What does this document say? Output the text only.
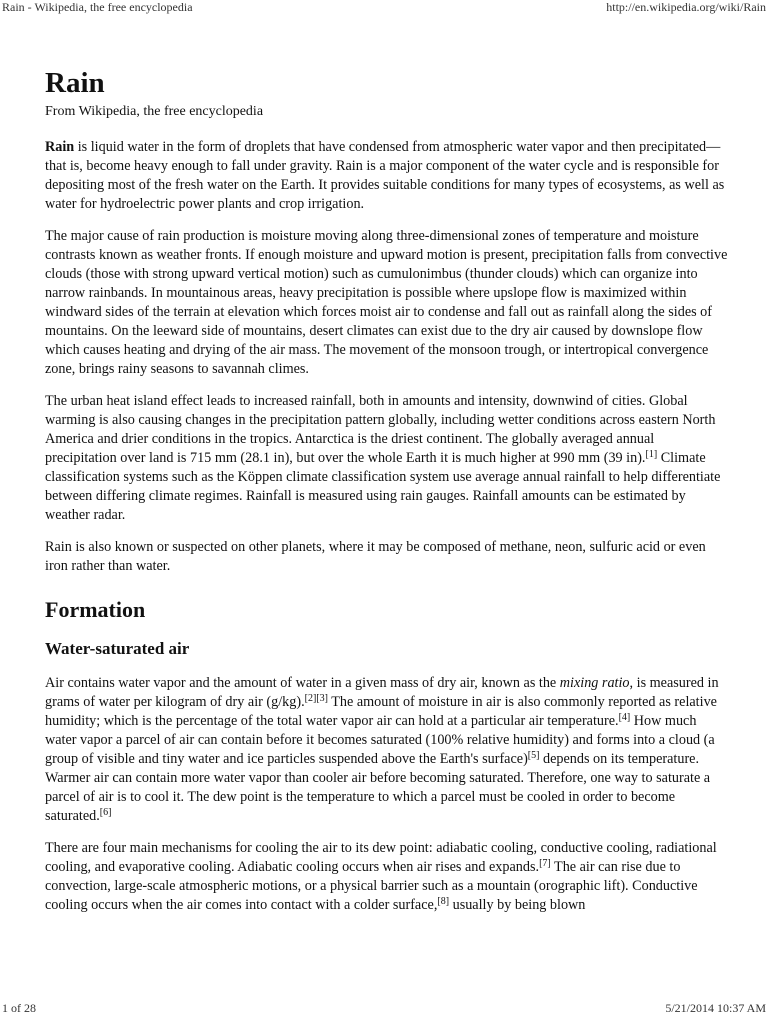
Rain - Wikipedia, the free encyclopedia	http://en.wikipedia.org/wiki/Rain
Rain
From Wikipedia, the free encyclopedia

Rain is liquid water in the form of droplets that have condensed from atmospheric water vapor and then precipitated—that is, become heavy enough to fall under gravity. Rain is a major component of the water cycle and is responsible for depositing most of the fresh water on the Earth. It provides suitable conditions for many types of ecosystems, as well as water for hydroelectric power plants and crop irrigation.

The major cause of rain production is moisture moving along three-dimensional zones of temperature and moisture contrasts known as weather fronts. If enough moisture and upward motion is present, precipitation falls from convective clouds (those with strong upward vertical motion) such as cumulonimbus (thunder clouds) which can organize into narrow rainbands. In mountainous areas, heavy precipitation is possible where upslope flow is maximized within windward sides of the terrain at elevation which forces moist air to condense and fall out as rainfall along the sides of mountains. On the leeward side of mountains, desert climates can exist due to the dry air caused by downslope flow which causes heating and drying of the air mass. The movement of the monsoon trough, or intertropical convergence zone, brings rainy seasons to savannah climes.

The urban heat island effect leads to increased rainfall, both in amounts and intensity, downwind of cities. Global warming is also causing changes in the precipitation pattern globally, including wetter conditions across eastern North America and drier conditions in the tropics. Antarctica is the driest continent. The globally averaged annual precipitation over land is 715 mm (28.1 in), but over the whole Earth it is much higher at 990 mm (39 in).[1] Climate classification systems such as the Köppen climate classification system use average annual rainfall to help differentiate between differing climate regimes. Rainfall is measured using rain gauges. Rainfall amounts can be estimated by weather radar.

Rain is also known or suspected on other planets, where it may be composed of methane, neon, sulfuric acid or even iron rather than water.

Formation
Water-saturated air

Air contains water vapor and the amount of water in a given mass of dry air, known as the mixing ratio, is measured in grams of water per kilogram of dry air (g/kg).[2][3] The amount of moisture in air is also commonly reported as relative humidity; which is the percentage of the total water vapor air can hold at a particular air temperature.[4] How much water vapor a parcel of air can contain before it becomes saturated (100% relative humidity) and forms into a cloud (a group of visible and tiny water and ice particles suspended above the Earth's surface)[5] depends on its temperature. Warmer air can contain more water vapor than cooler air before becoming saturated. Therefore, one way to saturate a parcel of air is to cool it. The dew point is the temperature to which a parcel must be cooled in order to become saturated.[6]

There are four main mechanisms for cooling the air to its dew point: adiabatic cooling, conductive cooling, radiational cooling, and evaporative cooling. Adiabatic cooling occurs when air rises and expands.[7] The air can rise due to convection, large-scale atmospheric motions, or a physical barrier such as a mountain (orographic lift). Conductive cooling occurs when the air comes into contact with a colder surface,[8] usually by being blown

1 of 28	5/21/2014 10:37 AM
